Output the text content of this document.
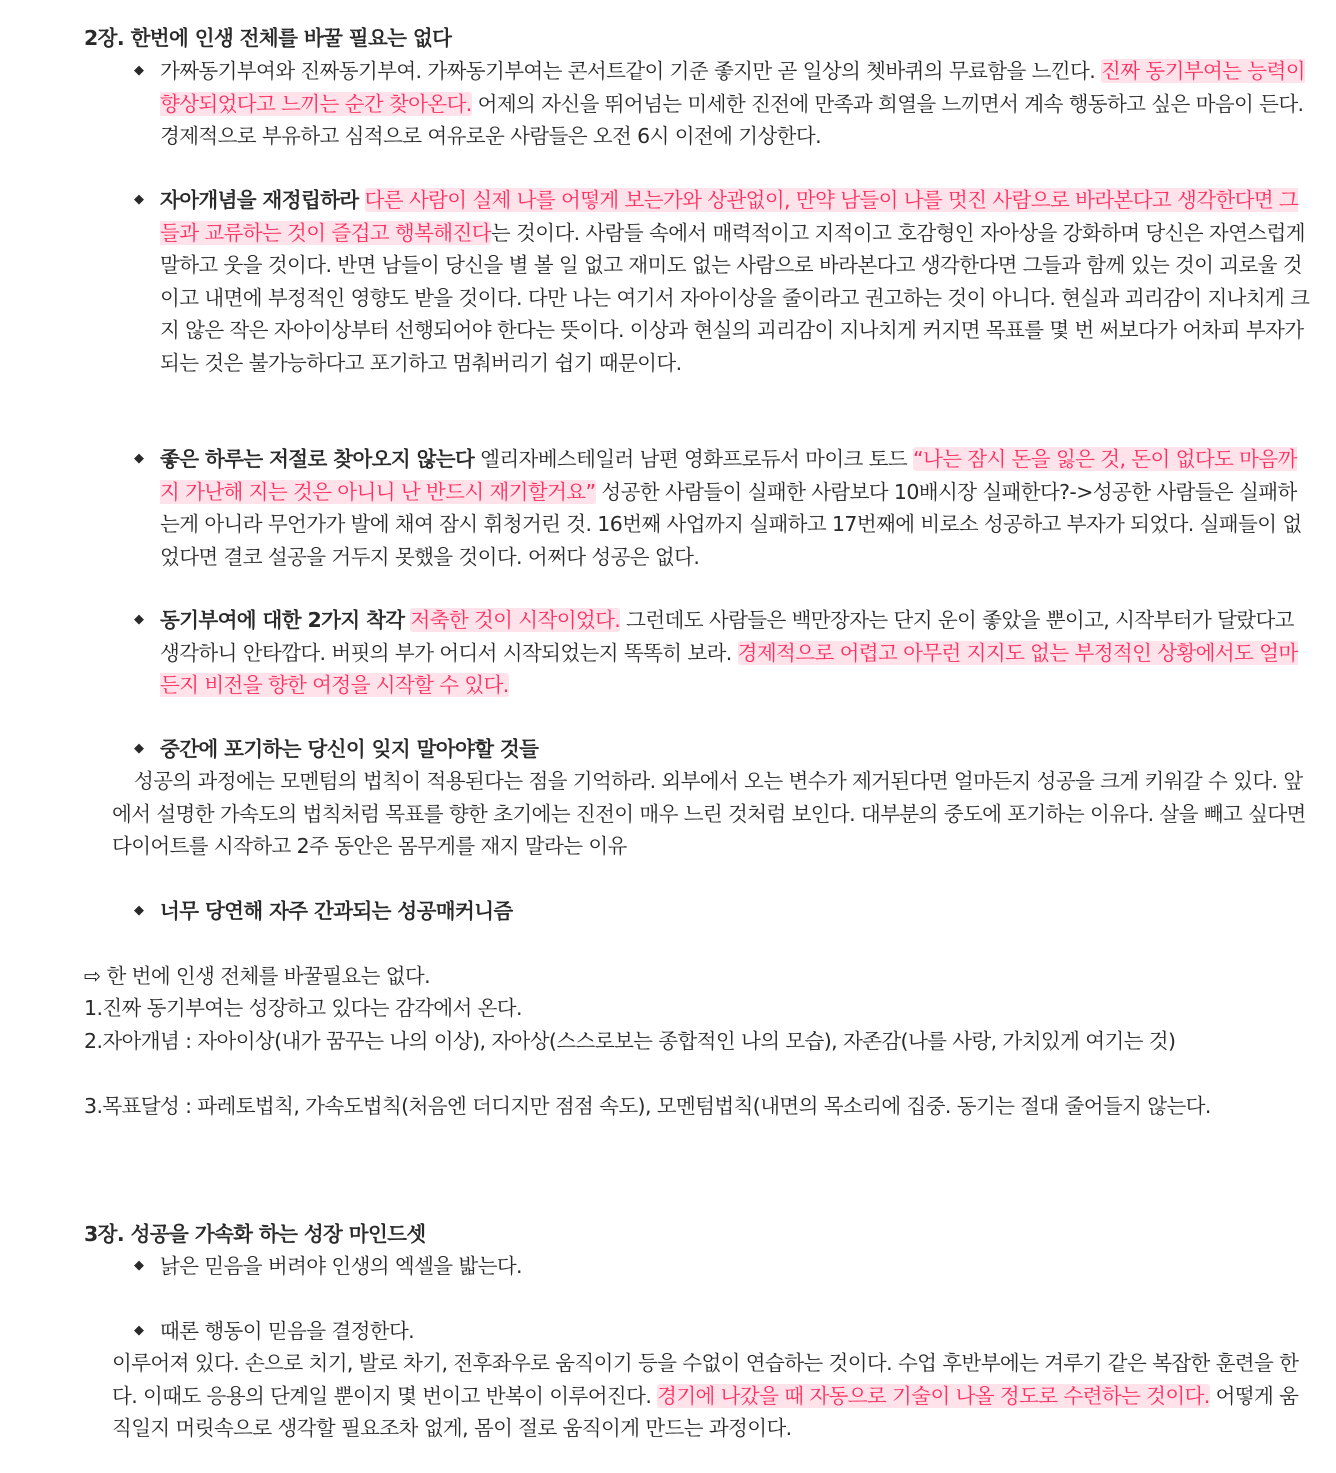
2장. 한번에 인생 전체를 바꿀 필요는 없다
◆ 가짜동기부여와 진짜동기부여. 가짜동기부여는 콘서트같이 기준 좋지만 곧 일상의 쳇바퀴의 무료함을 느낀다. 진짜 동기부여는 능력이 향상되었다고 느끼는 순간 찾아온다. 어제의 자신을 뛰어넘는 미세한 진전에 만족과 희열을 느끼면서 계속 행동하고 싶은 마음이 든다. 경제적으로 부유하고 심적으로 여유로운 사람들은 오전 6시 이전에 기상한다.
◆ 자아개념을 재정립하라 다른 사람이 실제 나를 어떻게 보는가와 상관없이, 만약 남들이 나를 멋진 사람으로 바라본다고 생각한다면 그들과 교류하는 것이 즐겁고 행복해진다는 것이다. 사람들 속에서 매력적이고 지적이고 호감형인 자아상을 강화하며 당신은 자연스럽게 말하고 웃을 것이다. 반면 남들이 당신을 별 볼 일 없고 재미도 없는 사람으로 바라본다고 생각한다면 그들과 함께 있는 것이 괴로울 것이고 내면에 부정적인 영향도 받을 것이다. 다만 나는 여기서 자아이상을 줄이라고 권고하는 것이 아니다. 현실과 괴리감이 지나치게 크지 않은 작은 자아이상부터 선행되어야 한다는 뜻이다. 이상과 현실의 괴리감이 지나치게 커지면 목표를 몇 번 써보다가 어차피 부자가 되는 것은 불가능하다고 포기하고 멈춰버리기 쉽기 때문이다.
◆ 좋은 하루는 저절로 찾아오지 않는다 엘리자베스테일러 남편 영화프로듀서 마이크 토드 “나는 잠시 돈을 잃은 것, 돈이 없다도 마음까지 가난해 지는 것은 아니니 난 반드시 재기할거요” 성공한 사람들이 실패한 사람보다 10배시장 실패한다?->성공한 사람들은 실패하는게 아니라 무언가가 발에 채여 잠시 휘청거린 것. 16번째 사업까지 실패하고 17번째에 비로소 성공하고 부자가 되었다. 실패들이 없었다면 결코 설공을 거두지 못했을 것이다. 어쩌다 성공은 없다.
◆ 동기부여에 대한 2가지 착각 저축한 것이 시작이었다. 그런데도 사람들은 백만장자는 단지 운이 좋았을 뿐이고, 시작부터가 달랐다고 생각하니 안타깝다. 버핏의 부가 어디서 시작되었는지 똑똑히 보라. 경제적으로 어렵고 아무런 지지도 없는 부정적인 상황에서도 얼마든지 비전을 향한 여정을 시작할 수 있다.
◆ 중간에 포기하는 당신이 잊지 말아야할 것들
성공의 과정에는 모멘텀의 법칙이 적용된다는 점을 기억하라. 외부에서 오는 변수가 제거된다면 얼마든지 성공을 크게 키워갈 수 있다. 앞에서 설명한 가속도의 법칙처럼 목표를 향한 초기에는 진전이 매우 느린 것처럼 보인다. 대부분의 중도에 포기하는 이유다. 살을 빼고 싶다면 다이어트를 시작하고 2주 동안은 몸무게를 재지 말라는 이유
◆ 너무 당연해 자주 간과되는 성공매커니즘
⇨ 한 번에 인생 전체를 바꿀필요는 없다.
1.진짜 동기부여는 성장하고 있다는 감각에서 온다.
2.자아개념 : 자아이상(내가 꿈꾸는 나의 이상), 자아상(스스로보는 종합적인 나의 모습), 자존감(나를 사랑, 가치있게 여기는 것)
3.목표달성 : 파레토법칙, 가속도법칙(처음엔 더디지만 점점 속도), 모멘텀법칙(내면의 목소리에 집중. 동기는 절대 줄어들지 않는다.
3장. 성공을 가속화 하는 성장 마인드셋
◆ 낡은 믿음을 버려야 인생의 엑셀을 밟는다.
◆ 때론 행동이 믿음을 결정한다.
이루어져 있다. 손으로 치기, 발로 차기, 전후좌우로 움직이기 등을 수없이 연습하는 것이다. 수업 후반부에는 겨루기 같은 복잡한 훈련을 한다. 이때도 응용의 단계일 뿐이지 몇 번이고 반복이 이루어진다. 경기에 나갔을 때 자동으로 기술이 나올 정도로 수련하는 것이다. 어떻게 움직일지 머릿속으로 생각할 필요조차 없게, 몸이 절로 움직이게 만드는 과정이다.
